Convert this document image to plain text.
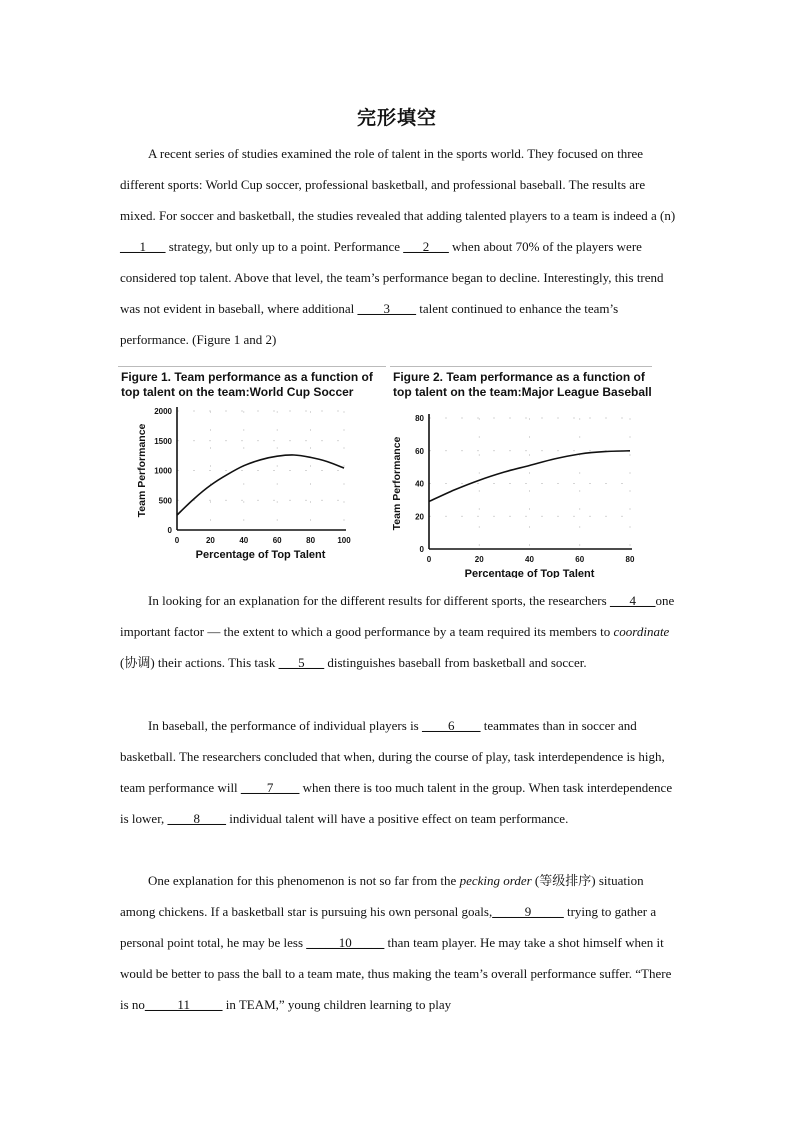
完形填空

A recent series of studies examined the role of talent in the sports world. They focused on three different sports: World Cup soccer, professional basketball, and professional baseball. The results are mixed. For soccer and basketball, the studies revealed that adding talented players to a team is indeed a (n) ___1___ strategy, but only up to a point. Performance ___2___ when about 70% of the players were considered top talent. Above that level, the team’s performance began to decline. Interestingly, this trend was not evident in baseball, where additional ____3____ talent continued to enhance the team’s performance. (Figure 1 and 2)

Figure 1. Team performance as a function of
top talent on the team:World Cup Soccer
0
500
1000
1500
2000
0	20	40	60	80	100
Percentage of Top Talent
Team Performance
Figure 2. Team performance as a function of
top talent on the team:Major League Baseball
0
20
40
60
80
0	20	40	60	80
Percentage of Top Talent
Team Performance

In looking for an explanation for the different results for different sports, the researchers ___4___one important factor — the extent to which a good performance by a team required its members to coordinate (协调) their actions. This task ___5___ distinguishes baseball from basketball and soccer.

In baseball, the performance of individual players is ____6____ teammates than in soccer and basketball. The researchers concluded that when, during the course of play, task interdependence is high, team performance will ____7____ when there is too much talent in the group. When task interdependence is lower, ____8____ individual talent will have a positive effect on team performance.

One explanation for this phenomenon is not so far from the pecking order (等级排序) situation among chickens. If a basketball star is pursuing his own personal goals,_____9_____ trying to gather a personal point total, he may be less _____10_____ than team player. He may take a shot himself when it would be better to pass the ball to a team mate, thus making the team’s overall performance suffer. “There is no_____11_____ in TEAM,” young children learning to play
